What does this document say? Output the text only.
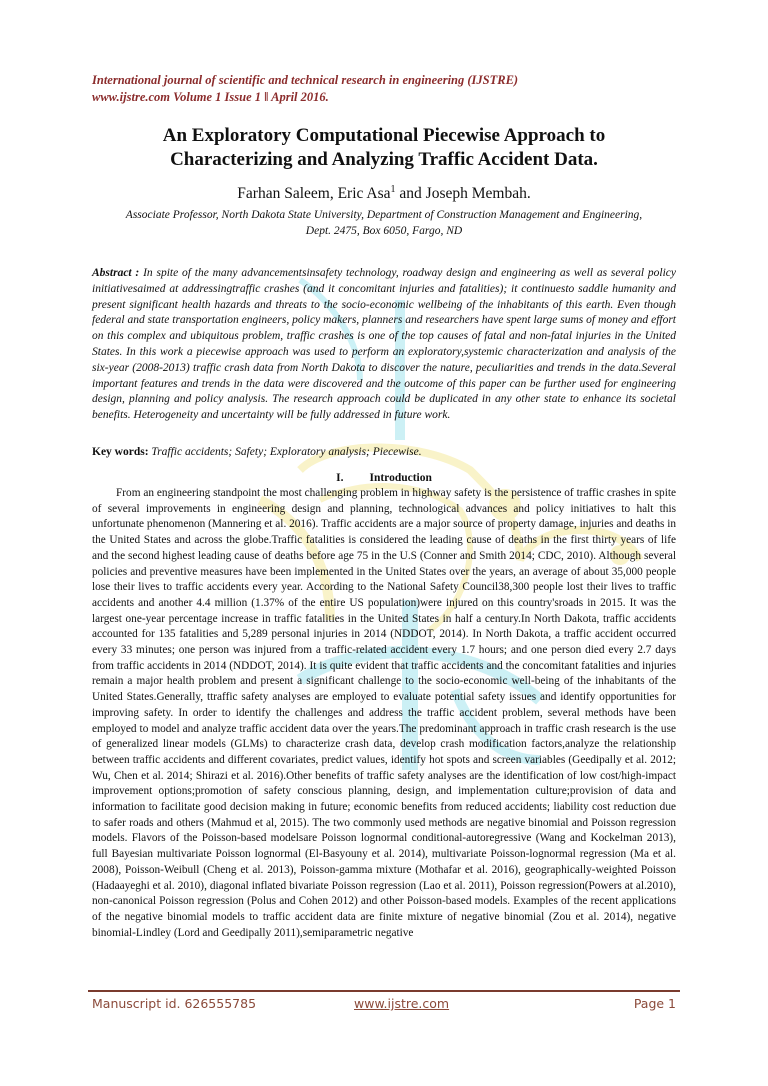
International journal of scientific and technical research in engineering (IJSTRE)
www.ijstre.com Volume 1 Issue 1 ‖ April 2016.
An Exploratory Computational Piecewise Approach to
Characterizing and Analyzing Traffic Accident Data.
Farhan Saleem, Eric Asa$^1$ and Joseph Membah.
Associate Professor, North Dakota State University, Department of Construction Management and Engineering,
Dept. 2475, Box 6050, Fargo, ND
Abstract : In spite of the many advancementsinsafety technology, roadway design and engineering as well as several policy initiativesaimed at addressingtraffic crashes (and it concomitant injuries and fatalities); it continuesto saddle humanity and present significant health hazards and threats to the socio-economic wellbeing of the inhabitants of this earth. Even though federal and state transportation engineers, policy makers, planners and researchers have spent large sums of money and effort on this complex and ubiquitous problem, traffic crashes is one of the top causes of fatal and non-fatal injuries in the United States. In this work a piecewise approach was used to perform an exploratory,systemic characterization and analysis of the six-year (2008-2013) traffic crash data from North Dakota to discover the nature, peculiarities and trends in the data.Several important features and trends in the data were discovered and the outcome of this paper can be further used for engineering design, planning and policy analysis. The research approach could be duplicated in any other state to enhance its societal benefits. Heterogeneity and uncertainty will be fully addressed in future work.
Key words: Traffic accidents; Safety; Exploratory analysis; Piecewise.
I. Introduction

From an engineering standpoint the most challenging problem in highway safety is the persistence of traffic crashes in spite of several improvements in engineering design and planning, technological advances and policy initiatives to halt this unfortunate phenomenon (Mannering et al. 2016). Traffic accidents are a major source of property damage, injuries and deaths in the United States and across the globe.Traffic fatalities is considered the leading cause of deaths in the first thirty years of life and the second highest leading cause of deaths before age 75 in the U.S (Conner and Smith 2014; CDC, 2010). Although several policies and preventive measures have been implemented in the United States over the years, an average of about 35,000 people lose their lives to traffic accidents every year. According to the National Safety Council38,300 people lost their lives to traffic accidents and another 4.4 million (1.37% of the entire US population)were injured on this country'sroads in 2015. It was the largest one-year percentage increase in traffic fatalities in the United States in half a century.In North Dakota, traffic accidents accounted for 135 fatalities and 5,289 personal injuries in 2014 (NDDOT, 2014). In North Dakota, a traffic accident occurred every 33 minutes; one person was injured from a traffic-related accident every 1.7 hours; and one person died every 2.7 days from traffic accidents in 2014 (NDDOT, 2014). It is quite evident that traffic accidents and the concomitant fatalities and injuries remain a major health problem and present a significant challenge to the socio-economic well-being of the inhabitants of the United States.Generally, ttraffic safety analyses are employed to evaluate potential safety issues and identify opportunities for improving safety. In order to identify the challenges and address the traffic accident problem, several methods have been employed to model and analyze traffic accident data over the years.The predominant approach in traffic crash research is the use of generalized linear models (GLMs) to characterize crash data, develop crash modification factors,analyze the relationship between traffic accidents and different covariates, predict values, identify hot spots and screen variables (Geedipally et al. 2012; Wu, Chen et al. 2014; Shirazi et al. 2016).Other benefits of traffic safety analyses are the identification of low cost/high-impact improvement options;promotion of safety conscious planning, design, and implementation culture;provision of data and information to facilitate good decision making in future; economic benefits from reduced accidents; liability cost reduction due to safer roads and others (Mahmud et al, 2015). The two commonly used methods are negative binomial and Poisson regression models. Flavors of the Poisson-based modelsare Poisson lognormal conditional-autoregressive (Wang and Kockelman 2013), full Bayesian multivariate Poisson lognormal (El-Basyouny et al. 2014), multivariate Poisson-lognormal regression (Ma et al. 2008), Poisson-Weibull (Cheng et al. 2013), Poisson-gamma mixture (Mothafar et al. 2016), geographically-weighted Poisson (Hadaayeghi et al. 2010), diagonal inflated bivariate Poisson regression (Lao et al. 2011), Poisson regression(Powers at al.2010), non-canonical Poisson regression (Polus and Cohen 2012) and other Poisson-based models. Examples of the recent applications of the negative binomial models to traffic accident data are finite mixture of negative binomial (Zou et al. 2014), negative binomial-Lindley (Lord and Geedipally 2011),semiparametric negative

Manuscript id. 626555785	www.ijstre.com	Page 1
